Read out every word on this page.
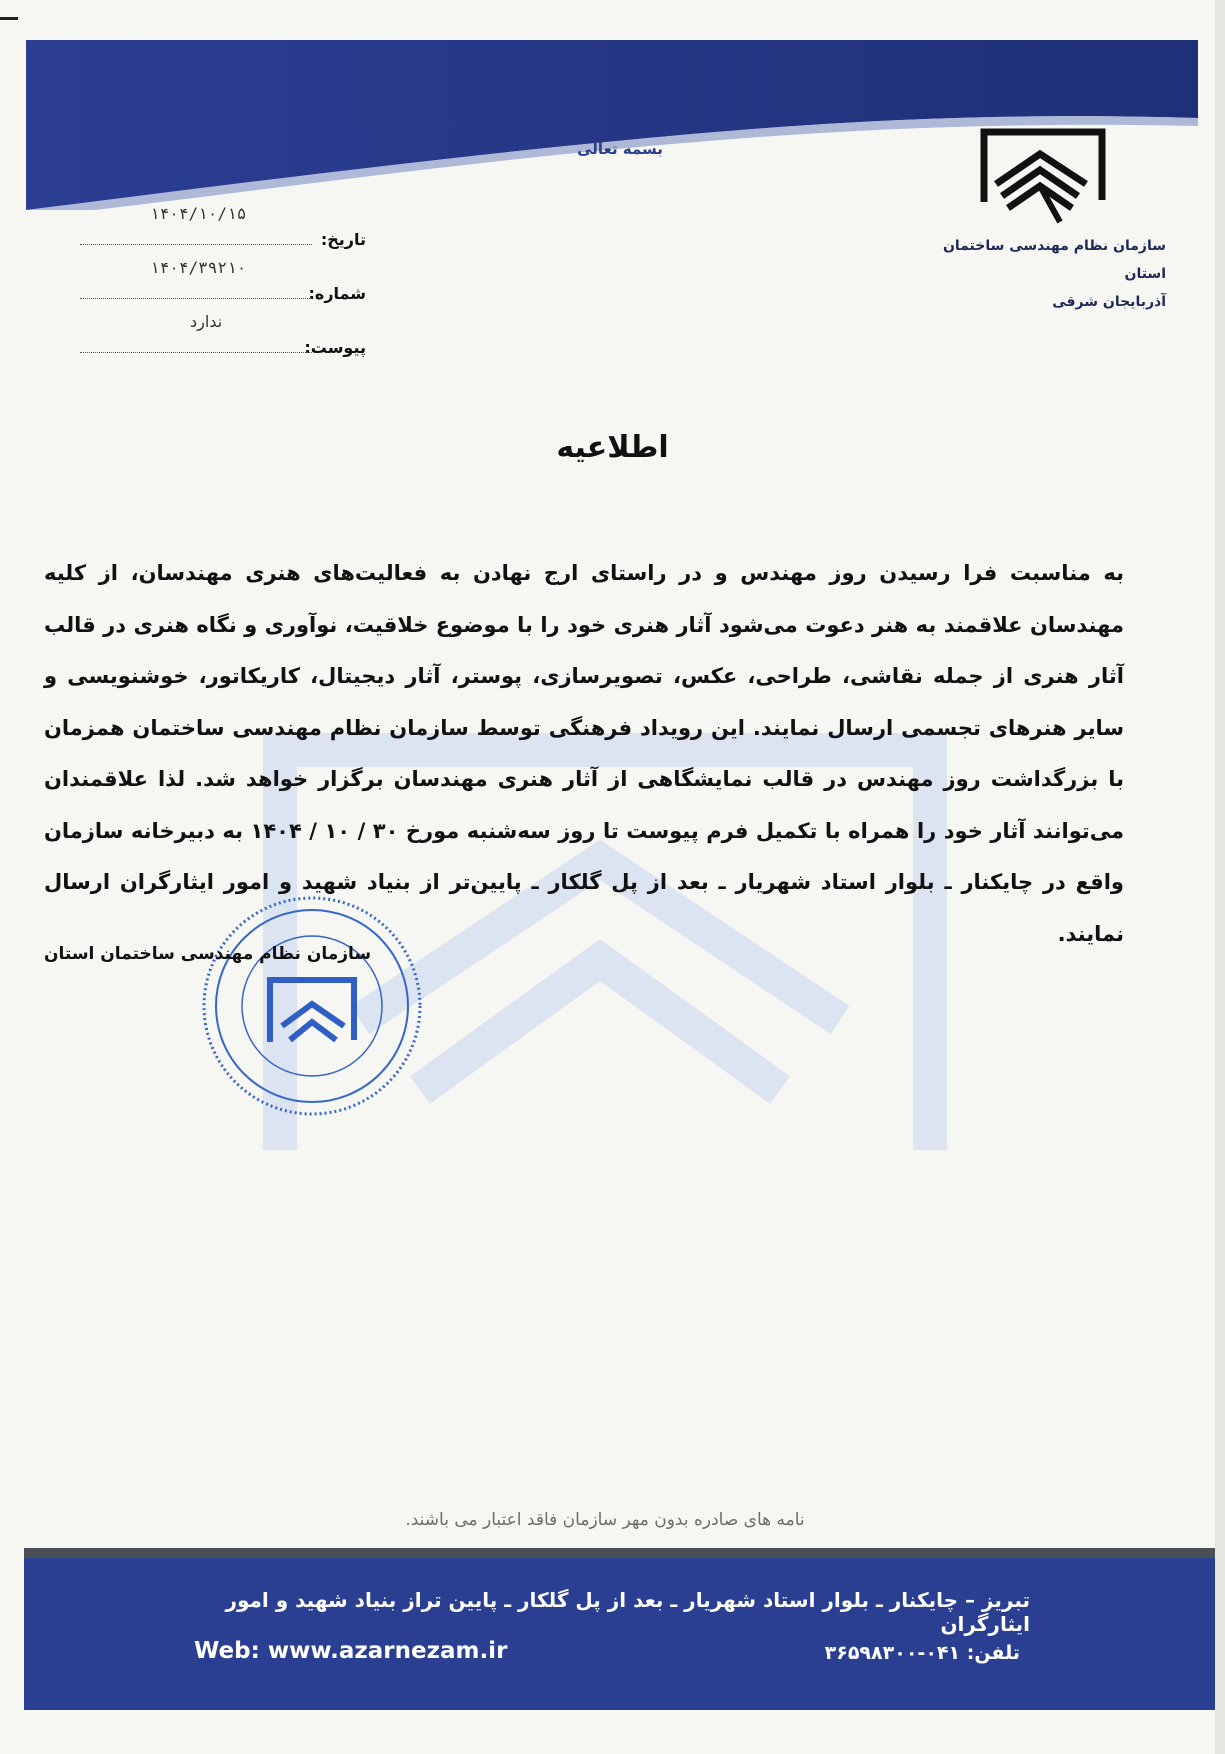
بسمه تعالی
سازمان نظام مهندسی ساختمان استان
آذربایجان شرقی
۱۴۰۴/۱۰/۱۵
تاریخ:
۱۴۰۴/۳۹۲۱۰
شماره:
ندارد
پیوست:
اطلاعیه
به مناسبت فرا رسیدن روز مهندس و در راستای ارج نهادن به فعالیت‌های هنری مهندسان، از کلیه مهندسان علاقمند به هنر دعوت می‌شود آثار هنری خود را با موضوع خلاقیت، نوآوری و نگاه هنری در قالب آثار هنری از جمله نقاشی، طراحی، عکس، تصویرسازی، پوستر، آثار دیجیتال، کاریکاتور، خوشنویسی و سایر هنرهای تجسمی ارسال نمایند. این رویداد فرهنگی توسط سازمان نظام مهندسی ساختمان همزمان با بزرگداشت روز مهندس در قالب نمایشگاهی از آثار هنری مهندسان برگزار خواهد شد. لذا علاقمندان می‌توانند آثار خود را همراه با تکمیل فرم پیوست تا روز سه‌شنبه مورخ ۳۰ / ۱۰ / ۱۴۰۴ به دبیرخانه سازمان واقع در چایکنار ـ بلوار استاد شهریار ـ بعد از پل گلکار ـ پایین‌تر از بنیاد شهید و امور ایثارگران ارسال نمایند.
سازمان نظام مهندسی ساختمان استان
نامه های صادره بدون مهر سازمان فاقد اعتبار می باشند.
تبریز – چایکنار ـ بلوار استاد شهریار ـ بعد از پل گلکار ـ پایین تراز بنیاد شهید و امور ایثارگران
Web: www.azarnezam.ir	تلفن: ۰۴۱-۳۶۵۹۸۳۰۰
